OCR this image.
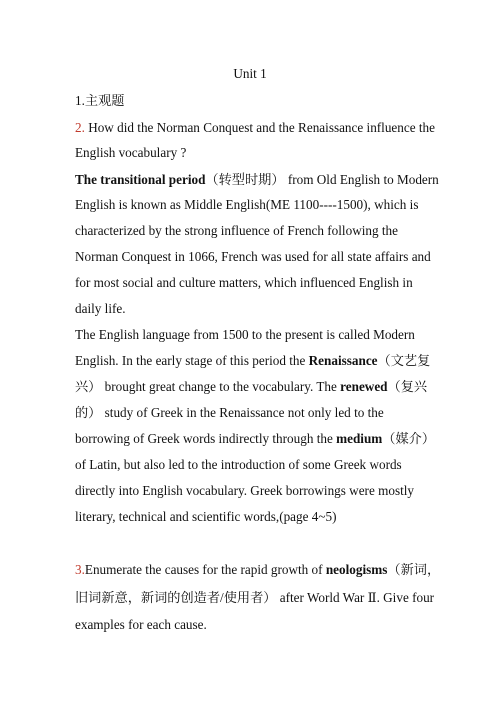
Unit 1
1.主观题
2. How did the Norman Conquest and the Renaissance influence the
English vocabulary ?
The transitional period（转型时期） from Old English to Modern
English is known as Middle English(ME 1100----1500), which is
characterized by the strong influence of French following the
Norman Conquest in 1066, French was used for all state affairs and
for most social and culture matters, which influenced English in
daily life.
The English language from 1500 to the present is called Modern
English. In the early stage of this period the Renaissance（文艺复
兴） brought great change to the vocabulary. The renewed（复兴
的） study of Greek in the Renaissance not only led to the
borrowing of Greek words indirectly through the medium（媒介）
of Latin, but also led to the introduction of some Greek words
directly into English vocabulary. Greek borrowings were mostly
literary, technical and scientific words,(page 4~5)
3.Enumerate the causes for the rapid growth of neologisms（新词，
旧词新意，新词的创造者/使用者） after World War Ⅱ. Give four
examples for each cause.
